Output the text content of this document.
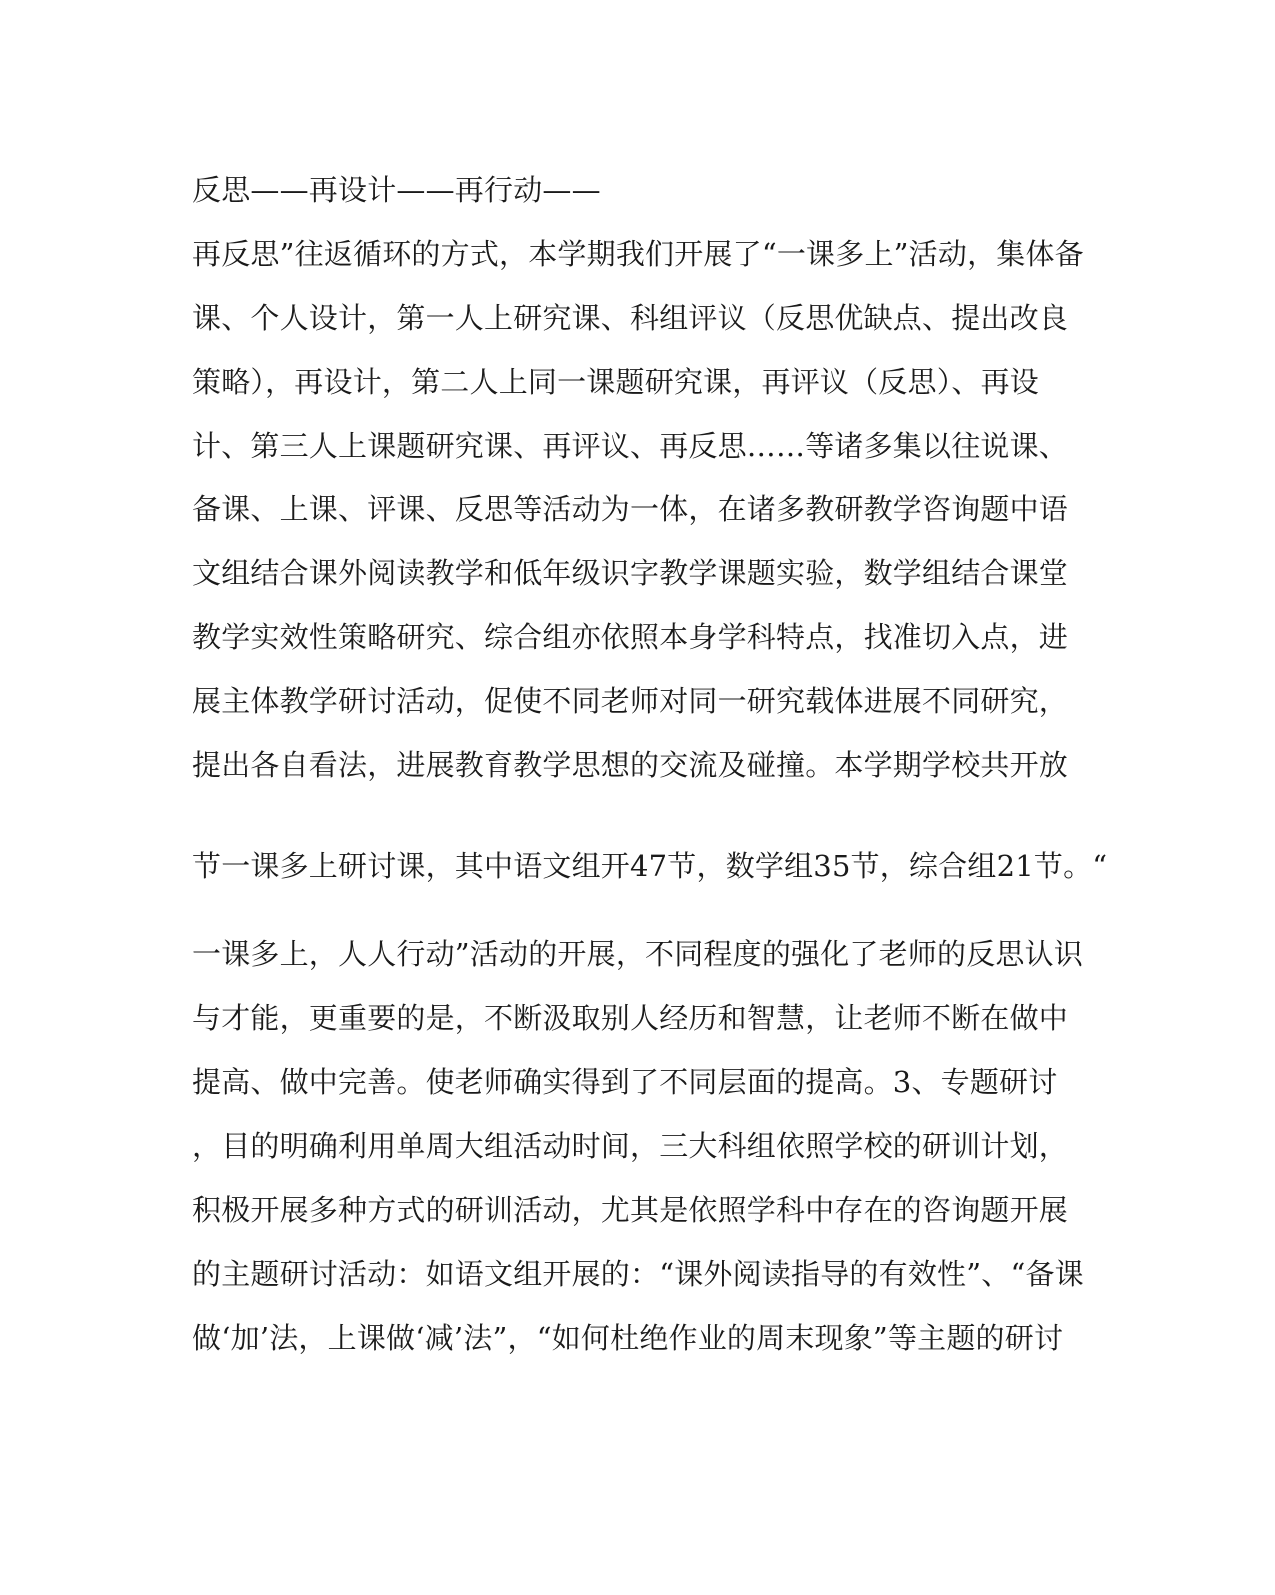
反思——再设计——再行动——
再反思”往返循环的方式，本学期我们开展了“一课多上”活动，集体备
课、个人设计，第一人上研究课、科组评议（反思优缺点、提出改良
策略），再设计，第二人上同一课题研究课，再评议（反思）、再设
计、第三人上课题研究课、再评议、再反思……等诸多集以往说课、
备课、上课、评课、反思等活动为一体，在诸多教研教学咨询题中语
文组结合课外阅读教学和低年级识字教学课题实验，数学组结合课堂
教学实效性策略研究、综合组亦依照本身学科特点，找准切入点，进
展主体教学研讨活动，促使不同老师对同一研究载体进展不同研究，
提出各自看法，进展教育教学思想的交流及碰撞。本学期学校共开放
节一课多上研讨课，其中语文组开47节，数学组35节，综合组21节。“
一课多上，人人行动”活动的开展，不同程度的强化了老师的反思认识
与才能，更重要的是，不断汲取别人经历和智慧，让老师不断在做中
提高、做中完善。使老师确实得到了不同层面的提高。3、专题研讨
，目的明确利用单周大组活动时间，三大科组依照学校的研训计划，
积极开展多种方式的研训活动，尤其是依照学科中存在的咨询题开展
的主题研讨活动：如语文组开展的：“课外阅读指导的有效性”、“备课
做‘加’法，上课做‘减’法”，“如何杜绝作业的周末现象”等主题的研讨
